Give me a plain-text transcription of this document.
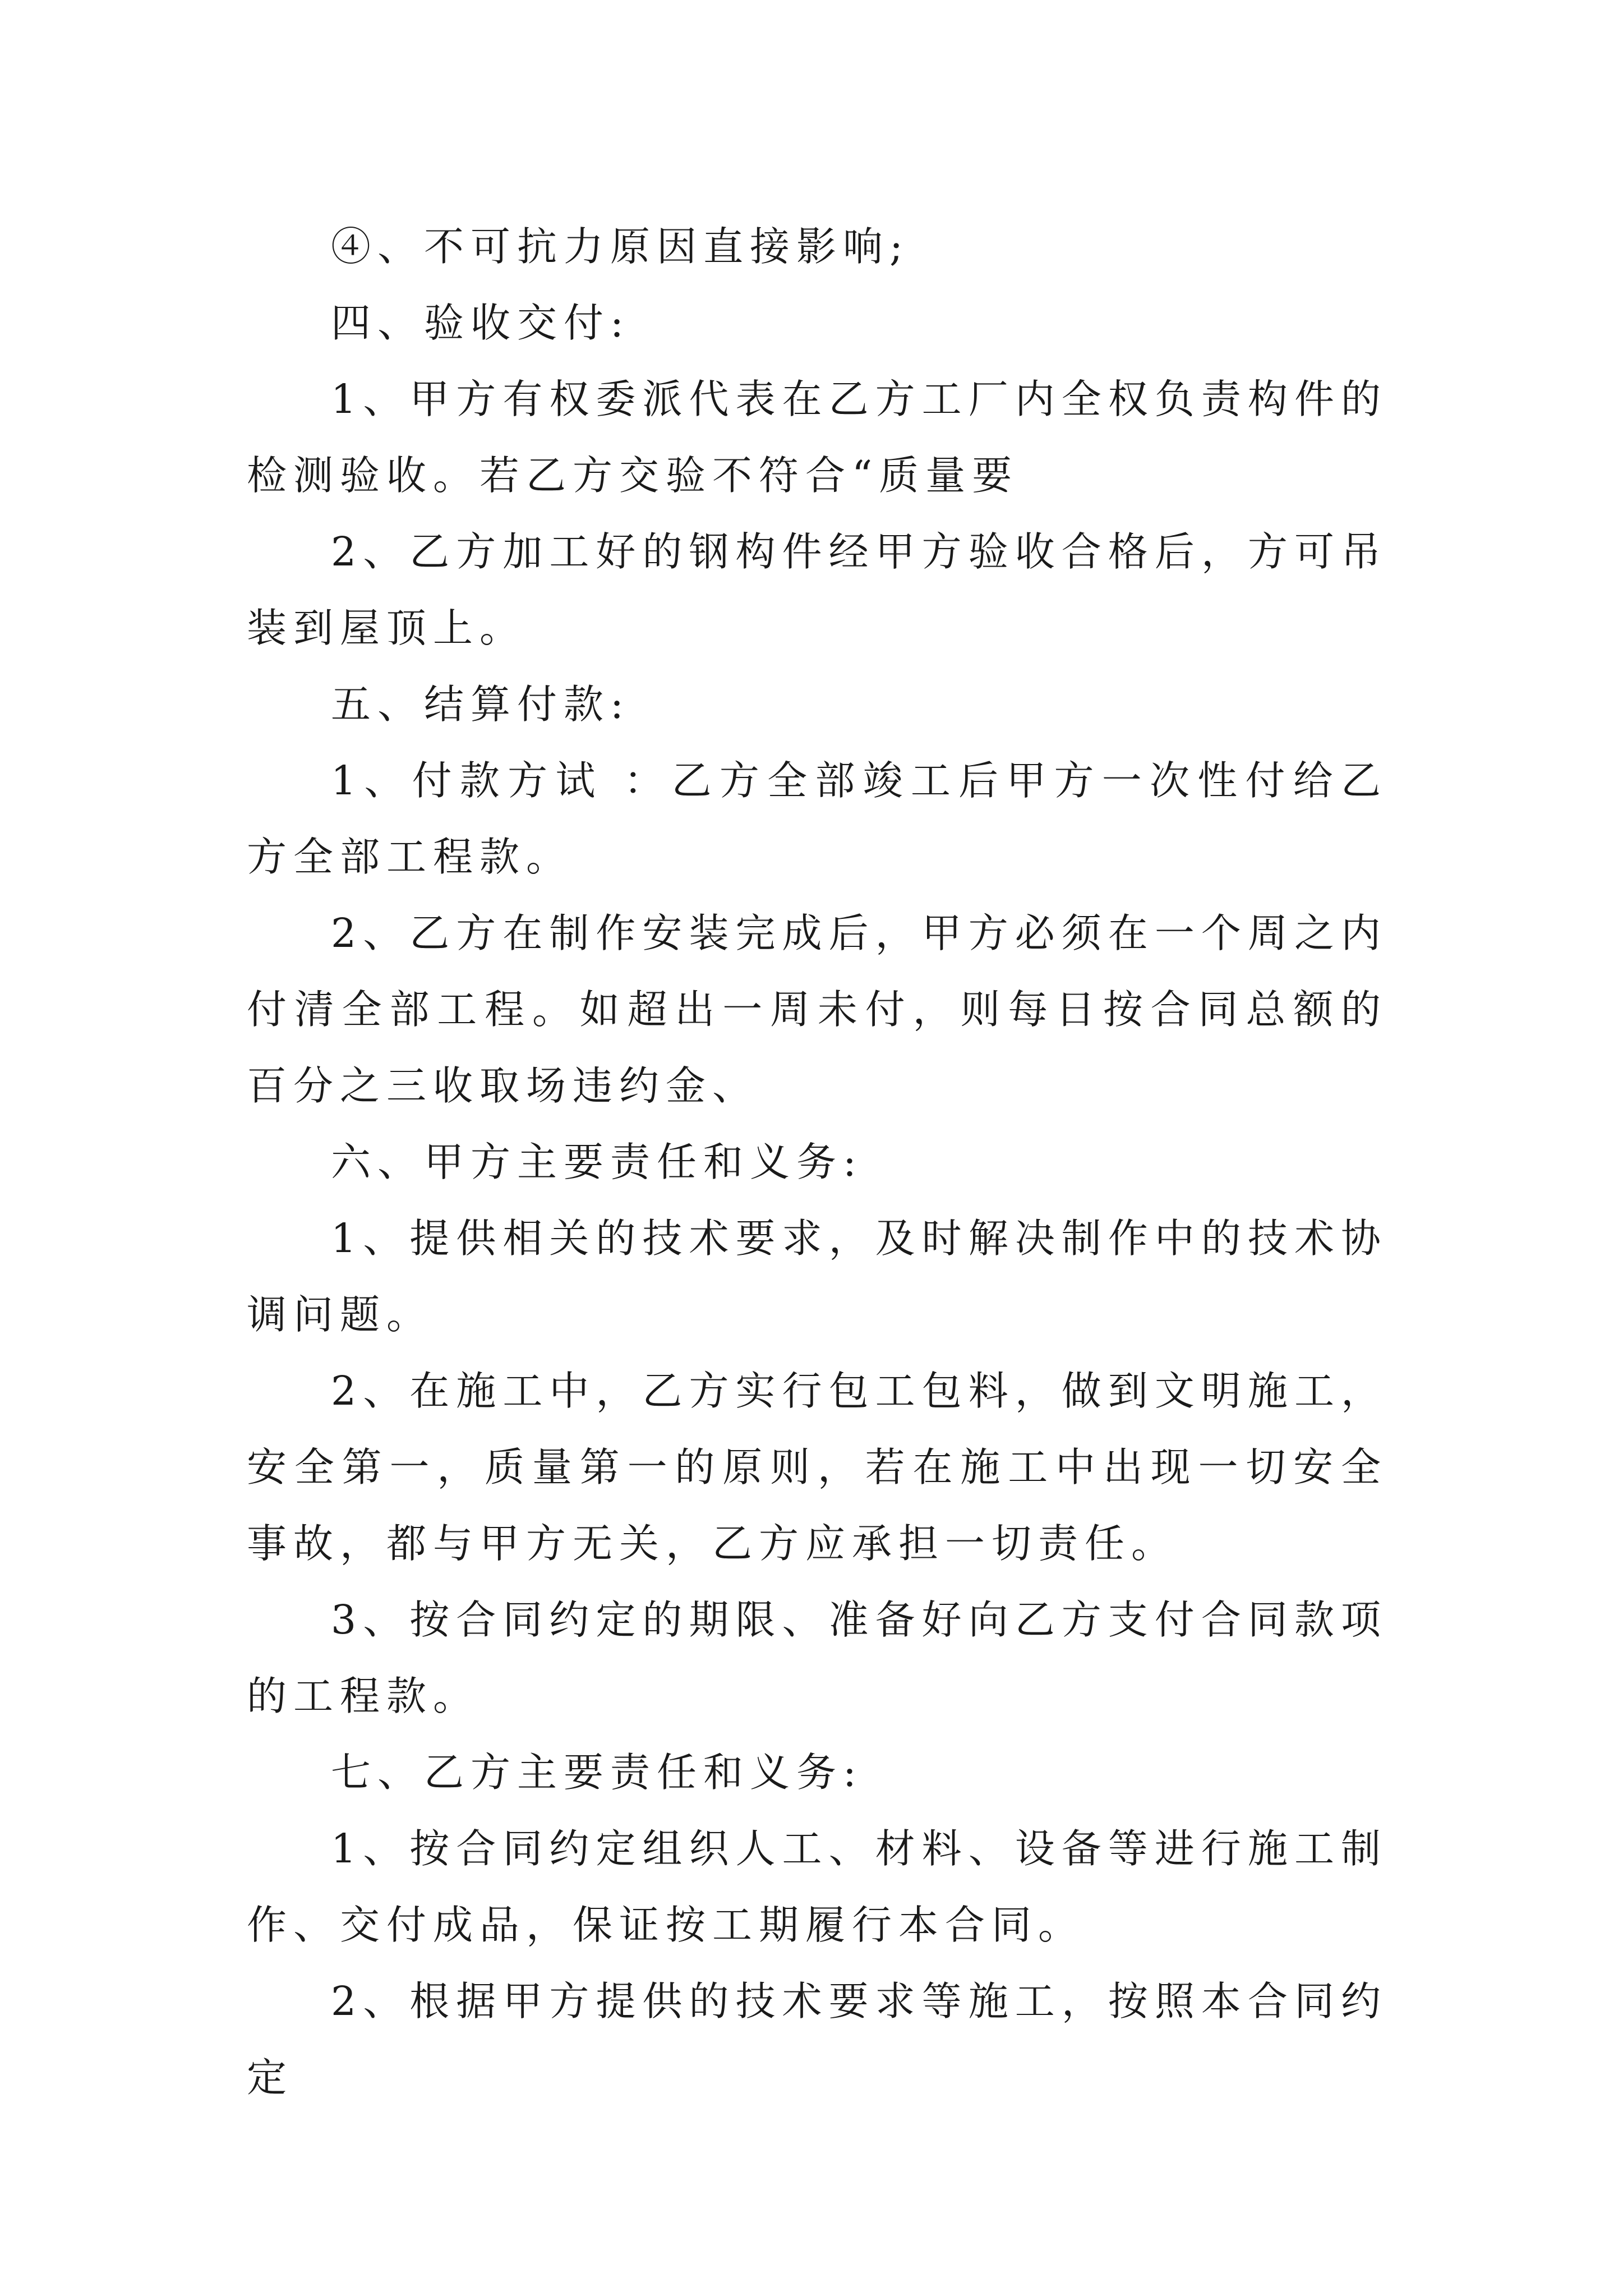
④、不可抗力原因直接影响;

四、验收交付:

1、甲方有权委派代表在乙方工厂内全权负责构件的检测验收。若乙方交验不符合“质量要

2、乙方加工好的钢构件经甲方验收合格后，方可吊装到屋顶上。

五、结算付款:

1、付款方试 ：乙方全部竣工后甲方一次性付给乙方全部工程款。

2、乙方在制作安装完成后，甲方必须在一个周之内付清全部工程。如超出一周未付，则每日按合同总额的百分之三收取场违约金、

六、甲方主要责任和义务:

1、提供相关的技术要求，及时解决制作中的技术协调问题。

2、在施工中，乙方实行包工包料，做到文明施工，安全第一，质量第一的原则，若在施工中出现一切安全事故，都与甲方无关，乙方应承担一切责任。

3、按合同约定的期限、准备好向乙方支付合同款项的工程款。

七、乙方主要责任和义务:

1、按合同约定组织人工、材料、设备等进行施工制作、交付成品，保证按工期履行本合同。

2、根据甲方提供的技术要求等施工，按照本合同约定
